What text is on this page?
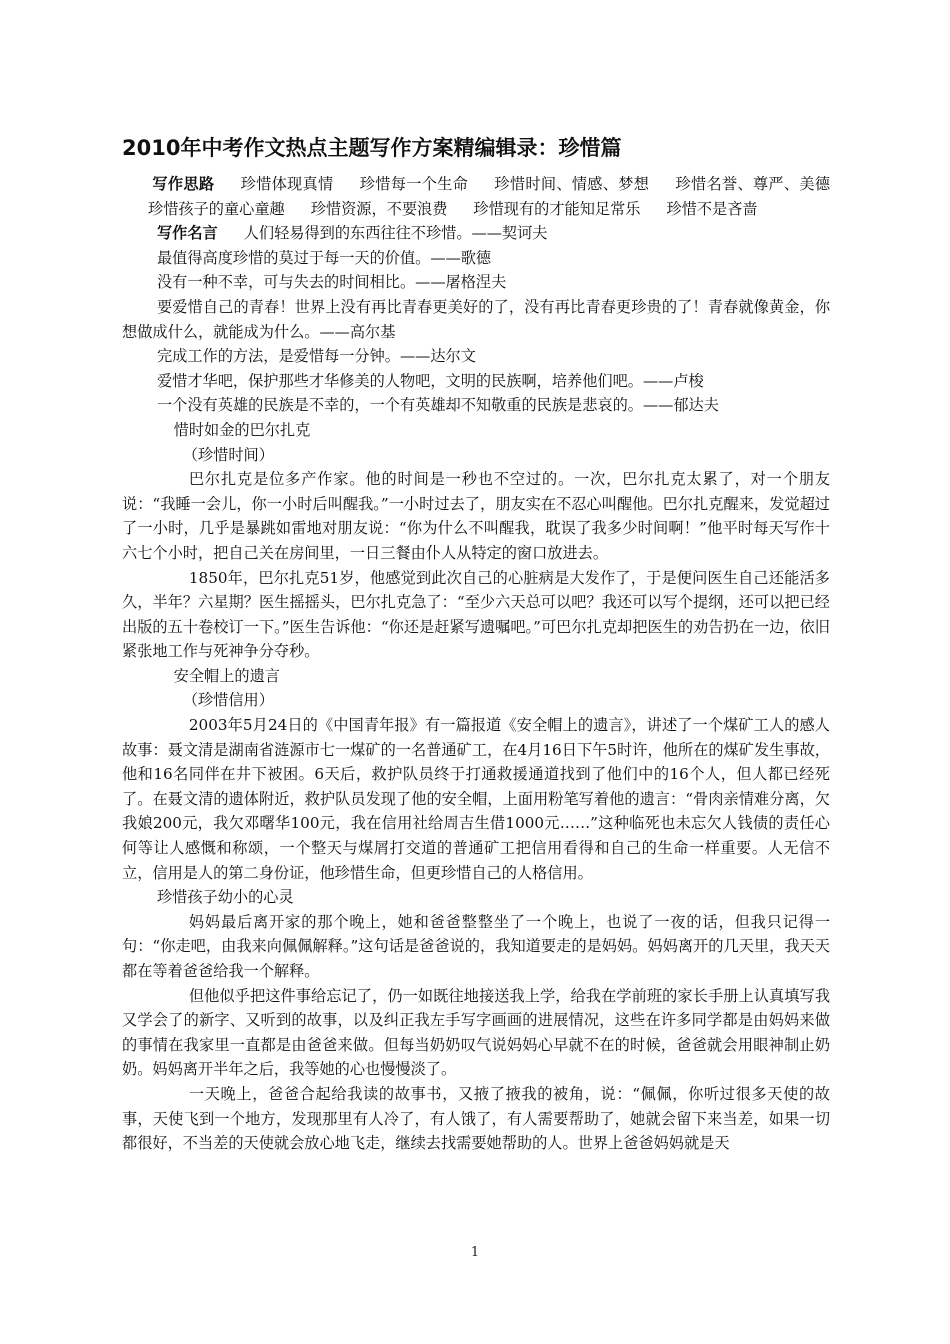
2010年中考作文热点主题写作方案精编辑录：珍惜篇

写作思路 珍惜体现真情 珍惜每一个生命 珍惜时间、情感、梦想 珍惜名誉、尊严、美德珍惜孩子的童心童趣 珍惜资源，不要浪费 珍惜现有的才能知足常乐 珍惜不是吝啬

写作名言 人们轻易得到的东西往往不珍惜。——契诃夫

最值得高度珍惜的莫过于每一天的价值。——歌德

没有一种不幸，可与失去的时间相比。——屠格涅夫

要爱惜自己的青春！世界上没有再比青春更美好的了，没有再比青春更珍贵的了！青春就像黄金，你想做成什么，就能成为什么。——高尔基

完成工作的方法，是爱惜每一分钟。——达尔文

爱惜才华吧，保护那些才华修美的人物吧，文明的民族啊，培养他们吧。——卢梭

一个没有英雄的民族是不幸的，一个有英雄却不知敬重的民族是悲哀的。——郁达夫

惜时如金的巴尔扎克

（珍惜时间）

巴尔扎克是位多产作家。他的时间是一秒也不空过的。一次，巴尔扎克太累了，对一个朋友说：“我睡一会儿，你一小时后叫醒我。”一小时过去了，朋友实在不忍心叫醒他。巴尔扎克醒来，发觉超过了一小时，几乎是暴跳如雷地对朋友说：“你为什么不叫醒我，耽误了我多少时间啊！”他平时每天写作十六七个小时，把自己关在房间里，一日三餐由仆人从特定的窗口放进去。

1850年，巴尔扎克51岁，他感觉到此次自己的心脏病是大发作了，于是便问医生自己还能活多久，半年？六星期？医生摇摇头，巴尔扎克急了：“至少六天总可以吧？我还可以写个提纲，还可以把已经出版的五十卷校订一下。”医生告诉他：“你还是赶紧写遗嘱吧。”可巴尔扎克却把医生的劝告扔在一边，依旧紧张地工作与死神争分夺秒。

安全帽上的遗言

（珍惜信用）

2003年5月24日的《中国青年报》有一篇报道《安全帽上的遗言》，讲述了一个煤矿工人的感人故事：聂文清是湖南省涟源市七一煤矿的一名普通矿工，在4月16日下午5时许，他所在的煤矿发生事故，他和16名同伴在井下被困。6天后，救护队员终于打通救援通道找到了他们中的16个人，但人都已经死了。在聂文清的遗体附近，救护队员发现了他的安全帽，上面用粉笔写着他的遗言：“骨肉亲情难分离，欠我娘200元，我欠邓曙华100元，我在信用社给周吉生借1000元……”这种临死也未忘欠人钱债的责任心何等让人感慨和称颂，一个整天与煤屑打交道的普通矿工把信用看得和自己的生命一样重要。人无信不立，信用是人的第二身份证，他珍惜生命，但更珍惜自己的人格信用。

珍惜孩子幼小的心灵

妈妈最后离开家的那个晚上，她和爸爸整整坐了一个晚上，也说了一夜的话，但我只记得一句：“你走吧，由我来向佩佩解释。”这句话是爸爸说的，我知道要走的是妈妈。妈妈离开的几天里，我天天都在等着爸爸给我一个解释。

但他似乎把这件事给忘记了，仍一如既往地接送我上学，给我在学前班的家长手册上认真填写我又学会了的新字、又听到的故事，以及纠正我左手写字画画的进展情况，这些在许多同学都是由妈妈来做的事情在我家里一直都是由爸爸来做。但每当奶奶叹气说妈妈心早就不在的时候，爸爸就会用眼神制止奶奶。妈妈离开半年之后，我等她的心也慢慢淡了。

一天晚上，爸爸合起给我读的故事书，又掖了掖我的被角，说：“佩佩，你听过很多天使的故事，天使飞到一个地方，发现那里有人冷了，有人饿了，有人需要帮助了，她就会留下来当差，如果一切都很好，不当差的天使就会放心地飞走，继续去找需要她帮助的人。世界上爸爸妈妈就是天

1
